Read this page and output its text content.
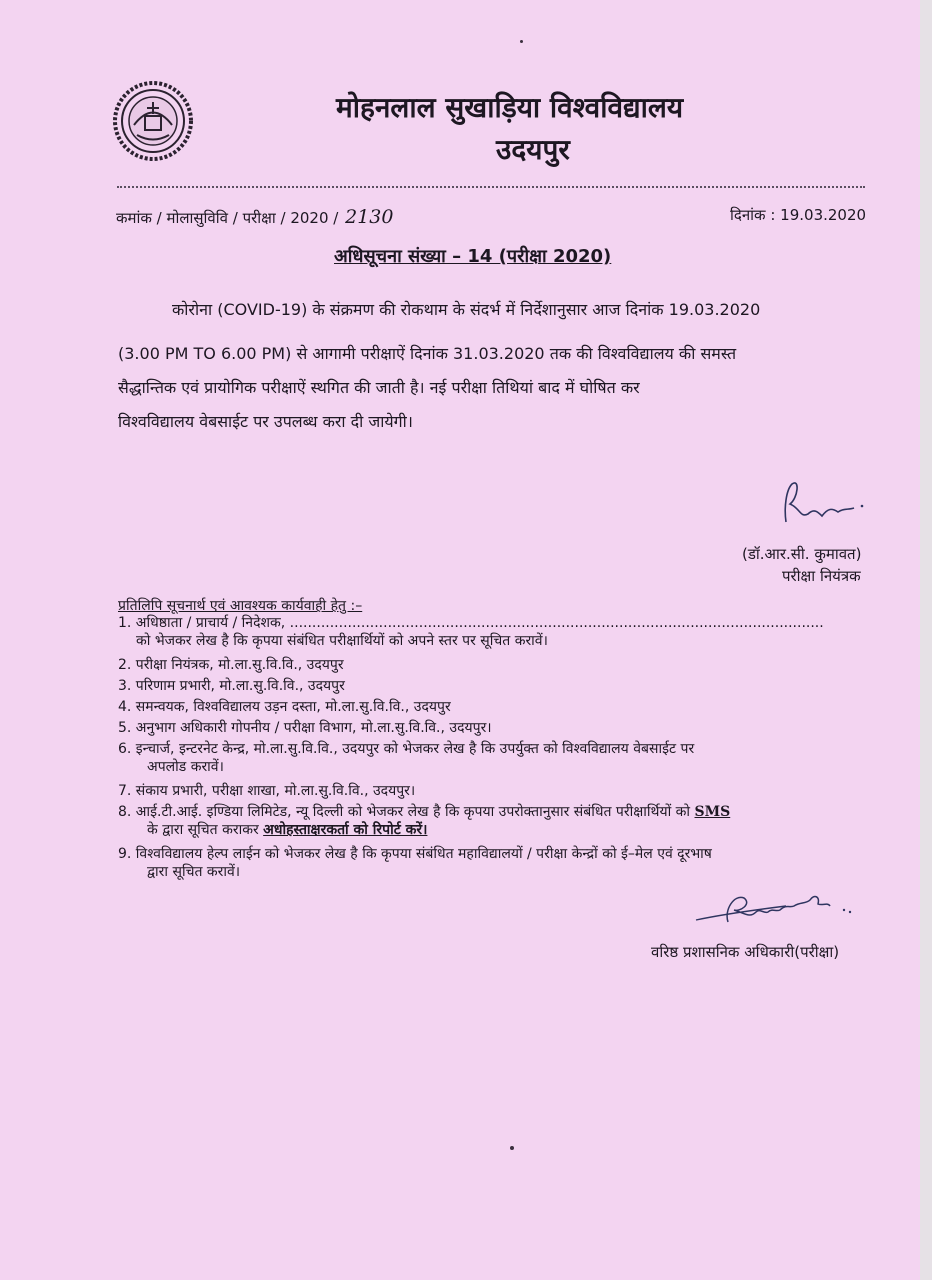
मोहनलाल सुखाड़िया विश्वविद्यालय
उदयपुर
कमांक / मोलासुविवि / परीक्षा / 2020 / 2130	दिनांक : 19.03.2020
अधिसूचना संख्या – 14 (परीक्षा 2020)
कोरोना (COVID-19) के संक्रमण की रोकथाम के संदर्भ में निर्देशानुसार आज दिनांक 19.03.2020
(3.00 PM TO 6.00 PM) से आगामी परीक्षाऐं दिनांक 31.03.2020 तक की विश्वविद्यालय की समस्त
सैद्धान्तिक एवं प्रायोगिक परीक्षाऐं स्थगित की जाती है। नई परीक्षा तिथियां बाद में घोषित कर
विश्वविद्यालय वेबसाईट पर उपलब्ध करा दी जायेगी।
(डॉ.आर.सी. कुमावत)
परीक्षा नियंत्रक
प्रतिलिपि सूचनार्थ एवं आवश्यक कार्यवाही हेतु :–
1. अधिष्ठाता / प्राचार्य / निदेशक, ........................................................................................................................
को भेजकर लेख है कि कृपया संबंधित परीक्षार्थियों को अपने स्तर पर सूचित करावें।
2. परीक्षा नियंत्रक, मो.ला.सु.वि.वि., उदयपुर
3. परिणाम प्रभारी, मो.ला.सु.वि.वि., उदयपुर
4. समन्वयक, विश्वविद्यालय उड़न दस्ता, मो.ला.सु.वि.वि., उदयपुर
5. अनुभाग अधिकारी गोपनीय / परीक्षा विभाग, मो.ला.सु.वि.वि., उदयपुर।
6. इन्चार्ज, इन्टरनेट केन्द्र, मो.ला.सु.वि.वि., उदयपुर को भेजकर लेख है कि उपर्युक्त को विश्वविद्यालय वेबसाईट पर
अपलोड करावें।
7. संकाय प्रभारी, परीक्षा शाखा, मो.ला.सु.वि.वि., उदयपुर।
8. आई.टी.आई. इण्डिया लिमिटेड, न्यू दिल्ली को भेजकर लेख है कि कृपया उपरोक्तानुसार संबंधित परीक्षार्थियों को SMS
के द्वारा सूचित कराकर अधोहस्ताक्षरकर्ता को रिपोर्ट करें।
9. विश्वविद्यालय हेल्प लाईन को भेजकर लेख है कि कृपया संबंधित महाविद्यालयों / परीक्षा केन्द्रों को ई–मेल एवं दूरभाष
द्वारा सूचित करावें।
वरिष्ठ प्रशासनिक अधिकारी(परीक्षा)
